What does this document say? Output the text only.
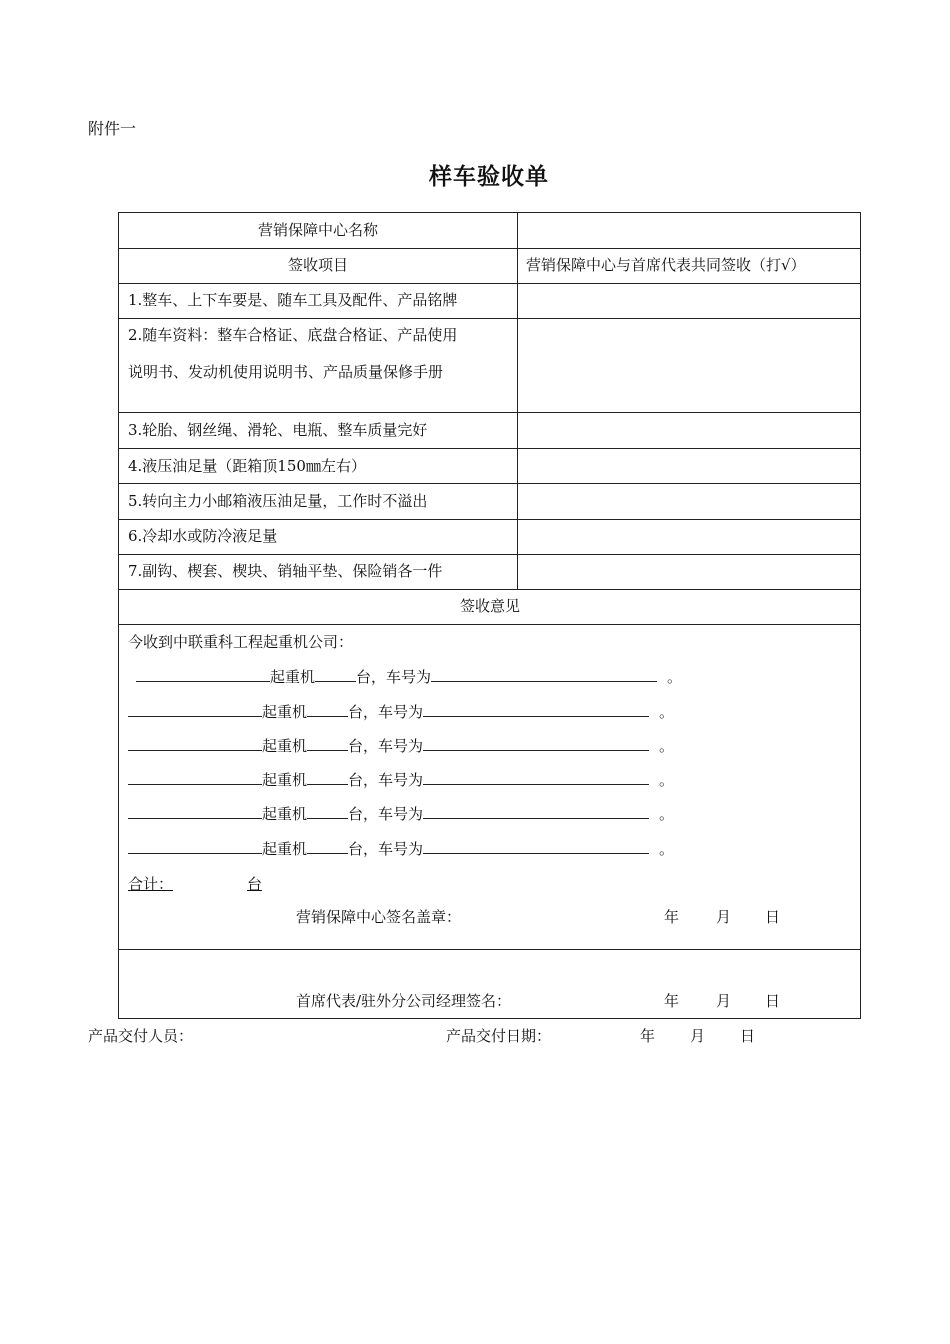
附件一
样车验收单
营销保障中心名称
签收项目	营销保障中心与首席代表共同签收（打√）
1.整车、上下车要是、随车工具及配件、产品铭牌
2.随车资料：整车合格证、底盘合格证、产品使用
说明书、发动机使用说明书、产品质量保修手册
3.轮胎、钢丝绳、滑轮、电瓶、整车质量完好
4.液压油足量（距箱顶150㎜左右）
5.转向主力小邮箱液压油足量，工作时不溢出
6.冷却水或防冷液足量
7.副钩、楔套、楔块、销轴平垫、保险销各一件
签收意见
今收到中联重科工程起重机公司：
起重机	台，车号为	。
起重机	台，车号为	。
起重机	台，车号为	。
起重机	台，车号为	。
起重机	台，车号为	。
起重机	台，车号为	。
合计：	台
营销保障中心签名盖章：	年 月 日
首席代表/驻外分公司经理签名：	年 月 日
产品交付人员：	产品交付日期：	年 月 日
